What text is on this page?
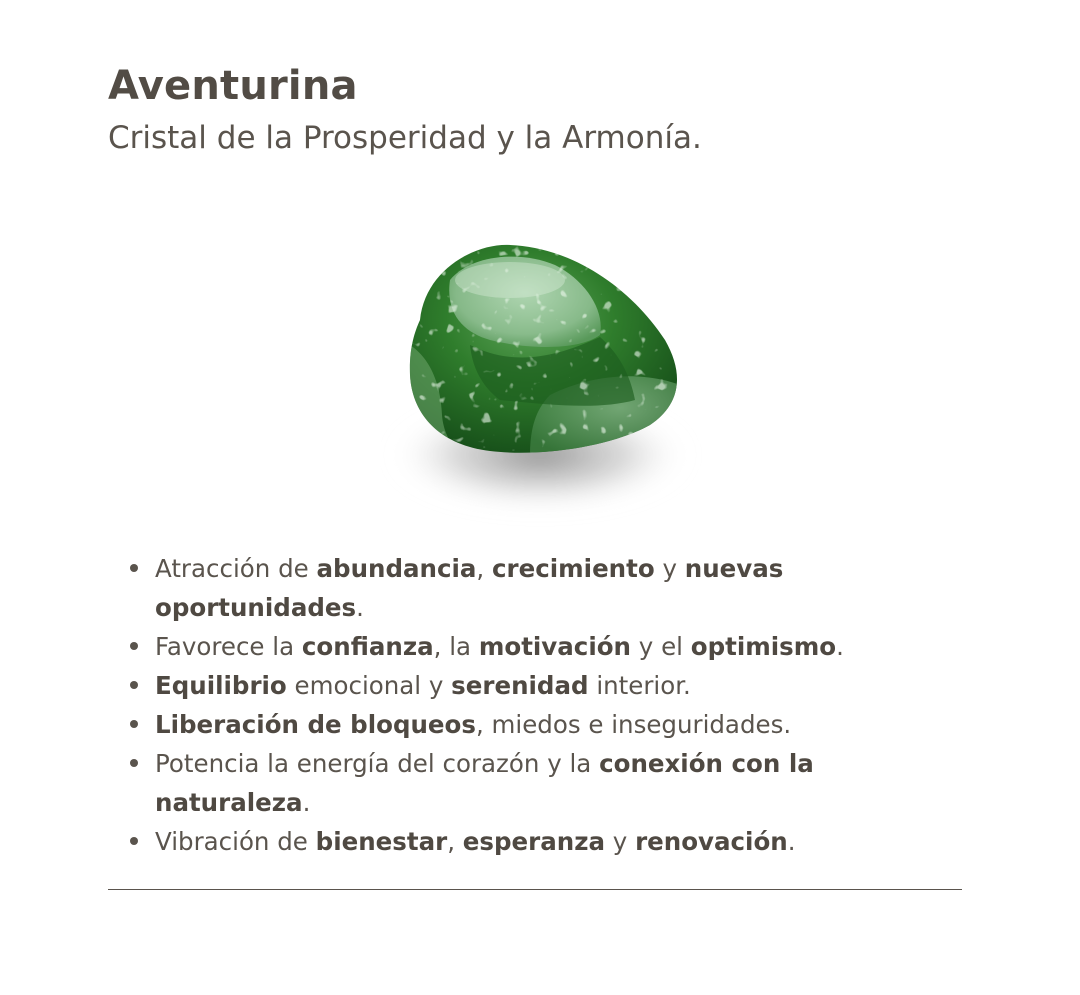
Aventurina

Cristal de la Prosperidad y la Armonía.

Atracción de abundancia, crecimiento y nuevas oportunidades.
Favorece la confianza, la motivación y el optimismo.
Equilibrio emocional y serenidad interior.
Liberación de bloqueos, miedos e inseguridades.
Potencia la energía del corazón y la conexión con la naturaleza.
Vibración de bienestar, esperanza y renovación.
